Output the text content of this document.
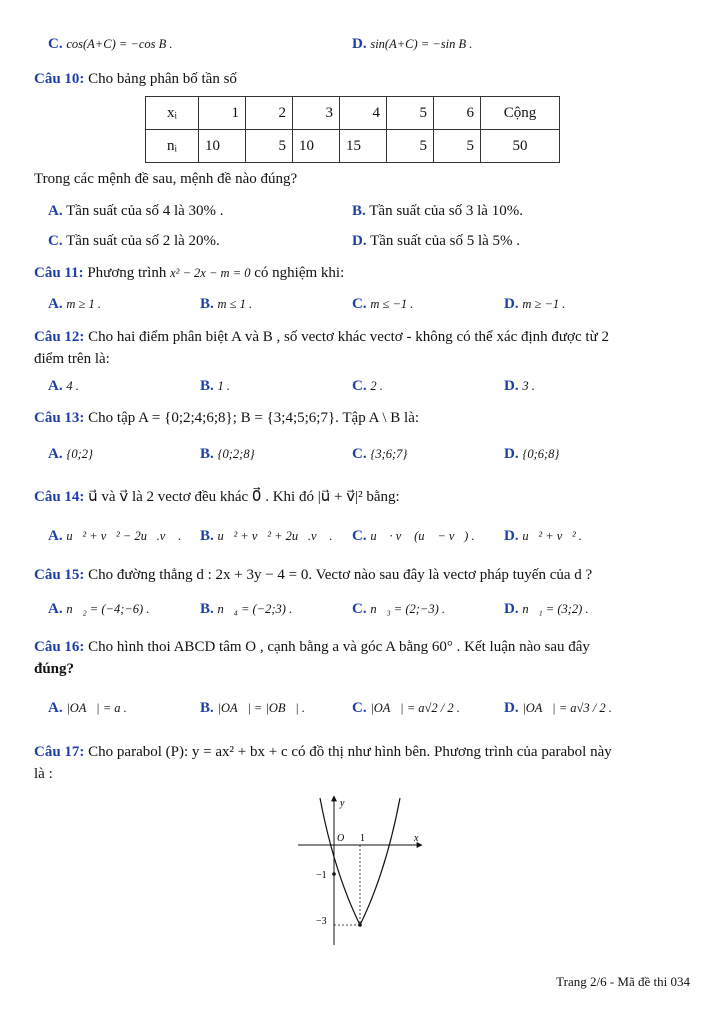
C. cos(A+C) = −cos B .	D. sin(A+C) = −sin B .
Câu 10: Cho bảng phân bố tần số
xᵢ	1	2	3	4	5	6	Cộng
nᵢ	10	5	10	15	5	5	50
Trong các mệnh đề sau, mệnh đề nào đúng?
A. Tần suất của số 4 là 30% .	B. Tần suất của số 3 là 10%.
C. Tần suất của số 2 là 20%.	D. Tần suất của số 5 là 5% .
Câu 11: Phương trình x² − 2x − m = 0 có nghiệm khi:
A. m ≥ 1 .	B. m ≤ 1 .	C. m ≤ −1 .	D. m ≥ −1 .
Câu 12: Cho hai điểm phân biệt A và B , số vectơ khác vectơ - không có thể xác định được từ 2
điểm trên là:
A. 4 .	B. 1 .	C. 2 .	D. 3 .
Câu 13: Cho tập A = {0;2;4;6;8}; B = {3;4;5;6;7}. Tập A \ B là:
A. {0;2}	B. {0;2;8}	C. {3;6;7}	D. {0;6;8}
Câu 14: u⃗ và v⃗ là 2 vectơ đều khác 0⃗ . Khi đó |u⃗ + v⃗|² bằng:
A. u⃗² + v⃗² − 2u⃗.v⃗ . B. u⃗² + v⃗² + 2u⃗.v⃗ . C. u⃗ · v⃗ (u⃗ − v⃗) . D. u⃗² + v⃗² .
Câu 15: Cho đường thẳng d : 2x + 3y − 4 = 0. Vectơ nào sau đây là vectơ pháp tuyến của d ?
A. n⃗₂ = (−4;−6) .	B. n⃗₄ = (−2;3) .	C. n⃗₃ = (2;−3) .	D. n⃗₁ = (3;2) .
Câu 16: Cho hình thoi ABCD tâm O , cạnh bằng a và góc A bằng 60° . Kết luận nào sau đây
đúng?
A. |OA⃗| = a .	B. |OA⃗| = |OB⃗| .	C. |OA⃗| = a√2 / 2 .	D. |OA⃗| = a√3 / 2 .
Câu 17: Cho parabol (P): y = ax² + bx + c có đồ thị như hình bên. Phương trình của parabol này
là :
y
x
O 1
−1
−3
Trang 2/6 - Mã đề thi 034
